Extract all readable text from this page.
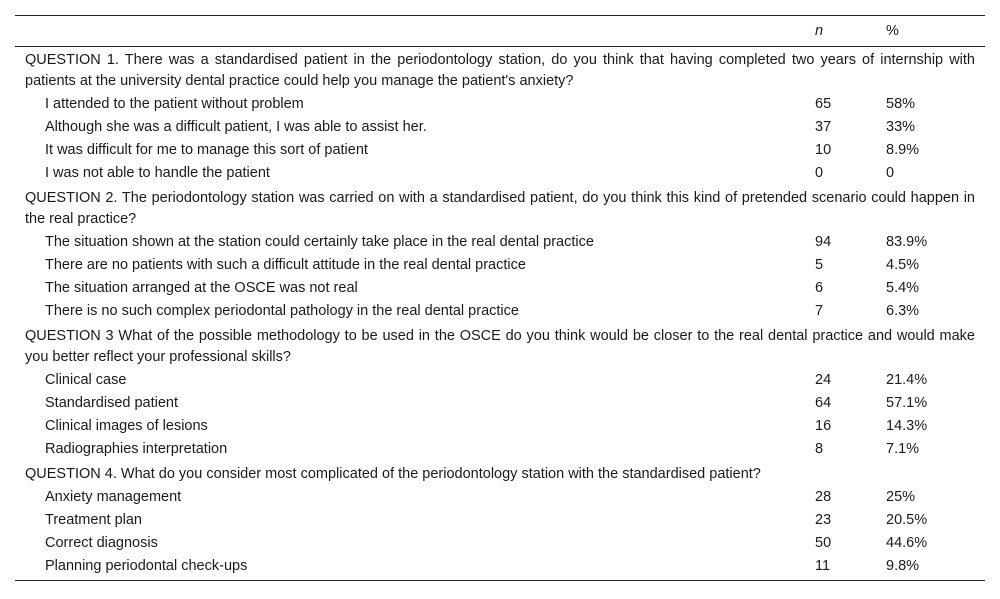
	n	%
QUESTION 1. There was a standardised patient in the periodontology station, do you think that having completed two years of internship with patients at the university dental practice could help you manage the patient's anxiety?		
I attended to the patient without problem	65	58%
Although she was a difficult patient, I was able to assist her.	37	33%
It was difficult for me to manage this sort of patient	10	8.9%
I was not able to handle the patient	0	0
QUESTION 2. The periodontology station was carried on with a standardised patient, do you think this kind of pretended scenario could happen in the real practice?		
The situation shown at the station could certainly take place in the real dental practice	94	83.9%
There are no patients with such a difficult attitude in the real dental practice	5	4.5%
The situation arranged at the OSCE was not real	6	5.4%
There is no such complex periodontal pathology in the real dental practice	7	6.3%
QUESTION 3 What of the possible methodology to be used in the OSCE do you think would be closer to the real dental practice and would make you better reflect your professional skills?		
Clinical case	24	21.4%
Standardised patient	64	57.1%
Clinical images of lesions	16	14.3%
Radiographies interpretation	8	7.1%
QUESTION 4. What do you consider most complicated of the periodontology station with the standardised patient?		
Anxiety management	28	25%
Treatment plan	23	20.5%
Correct diagnosis	50	44.6%
Planning periodontal check-ups	11	9.8%
